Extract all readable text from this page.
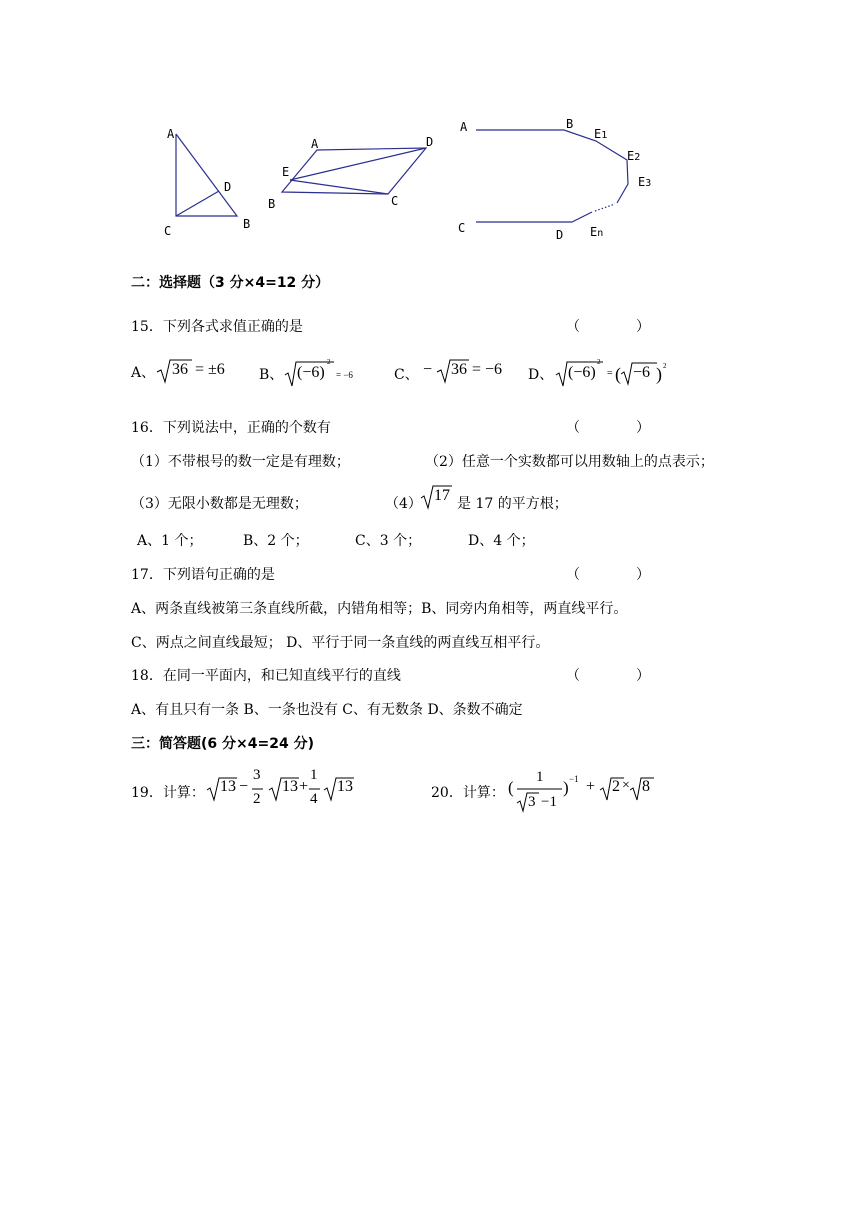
A
D
C	B
A	D
E
B	C
A	B
E1
E2
E3
C	D En
二：选择题（3 分×4=12 分）
15．下列各式求值正确的是	（　　　　）
A、 36 = ±6 B、 (−6)
2
= −6	C、 − 36 = −6 D、 (−6)
2
= ( −6 ) 2
16．下列说法中，正确的个数有	（　　　　）
（1）不带根号的数一定是有理数；	（2）任意一个实数都可以用数轴上的点表示；
（3）无限小数都是无理数；	（4） 17 是 17 的平方根；
A、1 个；	B、2 个；	C、3 个；	D、4 个；
17．下列语句正确的是	（　　　　）
A、两条直线被第三条直线所截，内错角相等；B、同旁内角相等，两直线平行。
C、两点之间直线最短； D、平行于同一条直线的两直线互相平行。
18．在同一平面内，和已知直线平行的直线	（　　　　）
A、有且只有一条 B、一条也没有 C、有无数条 D、条数不确定
三：简答题(6 分×4=24 分)
19．计算： 13 −
3
2
13 +
1
4
13	20．计算： (
1
3 −1
) −1 + 2 × 8
